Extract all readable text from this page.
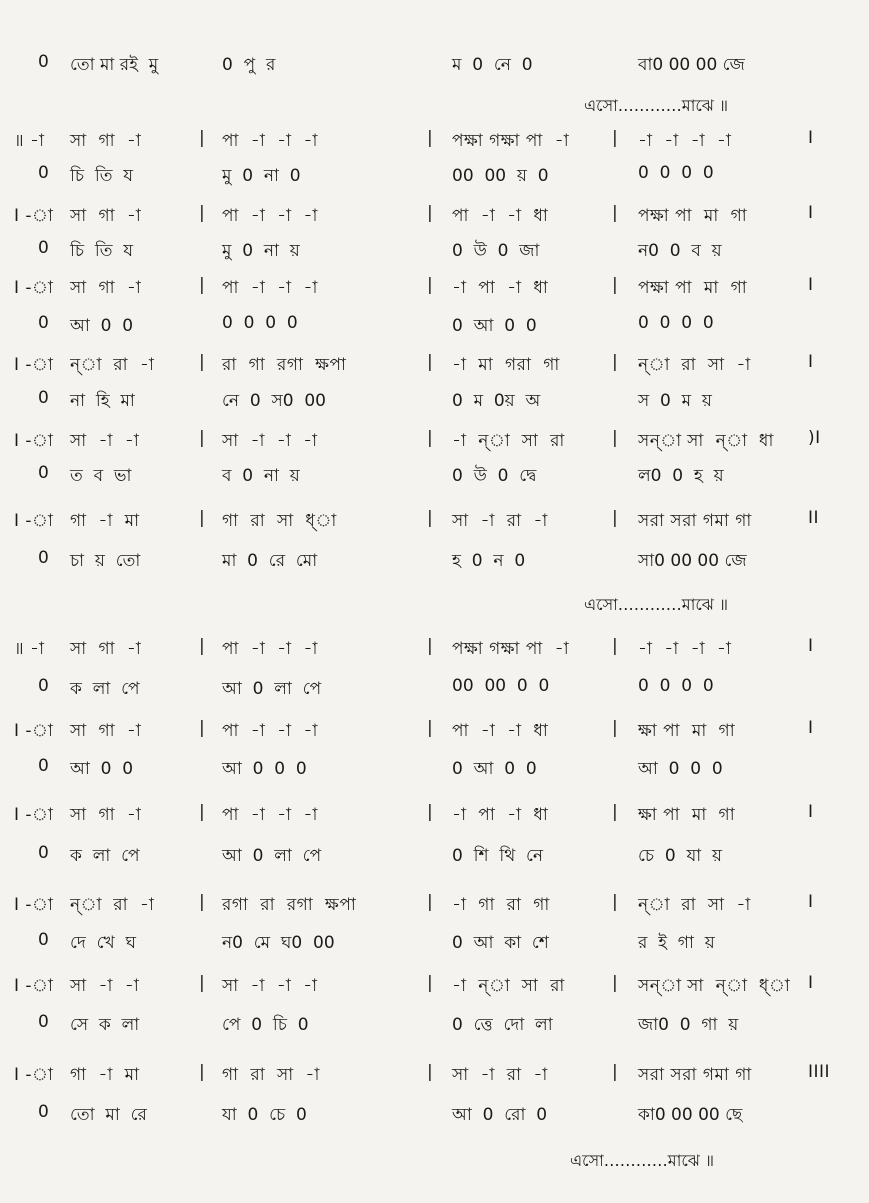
0 তো মা রই  মু	0  পু  র	ম  0  নে  0	বা0 00 00 জে
এসো…………মাঝে ॥
॥ -া সা  গা  -া	| পা  -া  -া  -া	| পক্ষা গক্ষা পা  -া	| -া  -া  -া  -া	I
0 চি  তি  য	মু  0  না  0	00  00  য়  0	0  0  0  0
I -া সা  গা  -া	| পা  -া  -া  -া	| পা  -া  -া  ধা	| পক্ষা পা  মা  গা	I
0 চি  তি  য	মু  0  না  য়	0  উ  0  জা	ন0  0  ব  য়
I -া সা  গা  -া	| পা  -া  -া  -া	| -া  পা  -া  ধা	| পক্ষা পা  মা  গা	I
0 আ  0  0	0  0  0  0	0  আ  0  0	0  0  0  0
I -া ন্‌া  রা  -া	| রা  গা  রগা  ক্ষপা	| -া  মা  গরা  গা	| ন্‌া  রা  সা  -া	I
0 না  হি  মা	নে  0  স0  00	0  ম  0য়  অ	স  0  ম  য়
I -া সা  -া  -া	| সা  -া  -া  -া	| -া  ন্‌া  সা  রা	| সন্‌া সা  ন্‌া  ধা )I
0 ত  ব  ভা	ব  0  না  য়	0  উ  0  দ্বে	ল0  0  হ  য়
I -া গা  -া  মা	| গা  রা  সা  ধ্‌া	| সা  -া  রা  -া	| সরা সরা গমা গা	II
0 চা  য়  তো	মা  0  রে  মো	হ  0  ন  0	সা0 00 00 জে
এসো…………মাঝে ॥
॥ -া সা  গা  -া	| পা  -া  -া  -া	| পক্ষা গক্ষা পা  -া	| -া  -া  -া  -া	I
0 ক  লা  পে	আ  0  লা  পে	00  00  0  0	0  0  0  0
I -া সা  গা  -া	| পা  -া  -া  -া	| পা  -া  -া  ধা	| ক্ষা পা  মা  গা	I
0 আ  0  0	আ  0  0  0	0  আ  0  0	আ  0  0  0
I -া সা  গা  -া	| পা  -া  -া  -া	| -া  পা  -া  ধা	| ক্ষা পা  মা  গা	I
0 ক  লা  পে	আ  0  লা  পে	0  শি  থি  নে	চে  0  যা  য়
I -া ন্‌া  রা  -া	| রগা  রা  রগা  ক্ষপা	| -া  গা  রা  গা	| ন্‌া  রা  সা  -া	I
0 দে  খে  ঘ	ন0  মে  ঘ0  00	0  আ  কা  শে	র  ই  গা  য়
I -া সা  -া  -া	| সা  -া  -া  -া	| -া  ন্‌া  সা  রা	| সন্‌া সা  ন্‌া  ধ্‌া I
0 সে  ক  লা	পে  0  চি  0	0  ত্তে  দো  লা	জা0  0  গা  য়
I -া গা  -া  মা	| গা  রা  সা  -া	| সা  -া  রা  -া	| সরা সরা গমা গা	IIII
0 তো  মা  রে	যা  0  চে  0	আ  0  রো  0	কা0 00 00 ছে
এসো…………মাঝে ॥
